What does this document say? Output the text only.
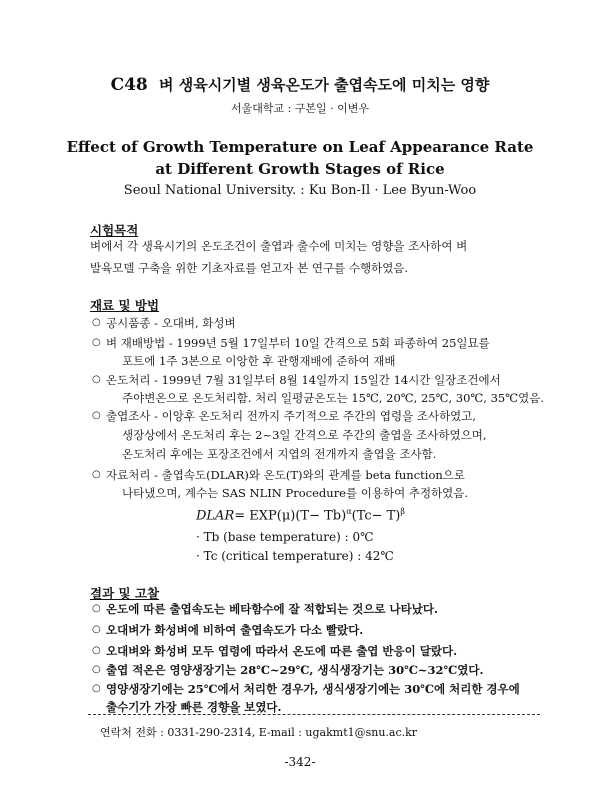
C48 벼 생육시기별 생육온도가 출엽속도에 미치는 영향
서울대학교 : 구본일 · 이변우
Effect of Growth Temperature on Leaf Appearance Rate
at Different Growth Stages of Rice
Seoul National University. : Ku Bon-Il · Lee Byun-Woo
시험목적
벼에서 각 생육시기의 온도조건이 출엽과 출수에 미치는 영향을 조사하여 벼
발육모델 구축을 위한 기초자료를 얻고자 본 연구를 수행하였음.
재료 및 방법
○ 공시품종 - 오대벼, 화성벼
○ 벼 재배방법 - 1999년 5월 17일부터 10일 간격으로 5회 파종하여 25일묘를
포트에 1주 3본으로 이앙한 후 관행재배에 준하여 재배
○ 온도처리 - 1999년 7월 31일부터 8월 14일까지 15일간 14시간 일장조건에서
주야변온으로 온도처리함. 처리 일평균온도는 15℃, 20℃, 25℃, 30℃, 35℃였음.
○ 출엽조사 - 이앙후 온도처리 전까지 주기적으로 주간의 엽령을 조사하였고,
생장상에서 온도처리 후는 2~3일 간격으로 주간의 출엽을 조사하였으며,
온도처리 후에는 포장조건에서 지엽의 전개까지 출엽을 조사함.
○ 자료처리 - 출엽속도(DLAR)와 온도(T)와의 관계를 beta function으로
나타냈으며, 계수는 SAS NLIN Procedure를 이용하여 추정하였음.
DLAR= $EXP(\mu)(T- Tb)^\alpha(Tc- T)^\beta$
· Tb (base temperature) : 0℃
· Tc (critical temperature) : 42℃
결과 및 고찰
○ 온도에 따른 출엽속도는 베타함수에 잘 적합되는 것으로 나타났다.
○ 오대벼가 화성벼에 비하여 출엽속도가 다소 빨랐다.
○ 오대벼와 화성벼 모두 엽령에 따라서 온도에 따른 출엽 반응이 달랐다.
○ 출엽 적온은 영양생장기는 28℃~29℃, 생식생장기는 30℃~32℃였다.
○ 영양생장기에는 25℃에서 처리한 경우가, 생식생장기에는 30℃에 처리한 경우에
출수기가 가장 빠른 경향을 보였다.
연락처 전화 : 0331-290-2314, E-mail : ugakmt1@snu.ac.kr
-342-
